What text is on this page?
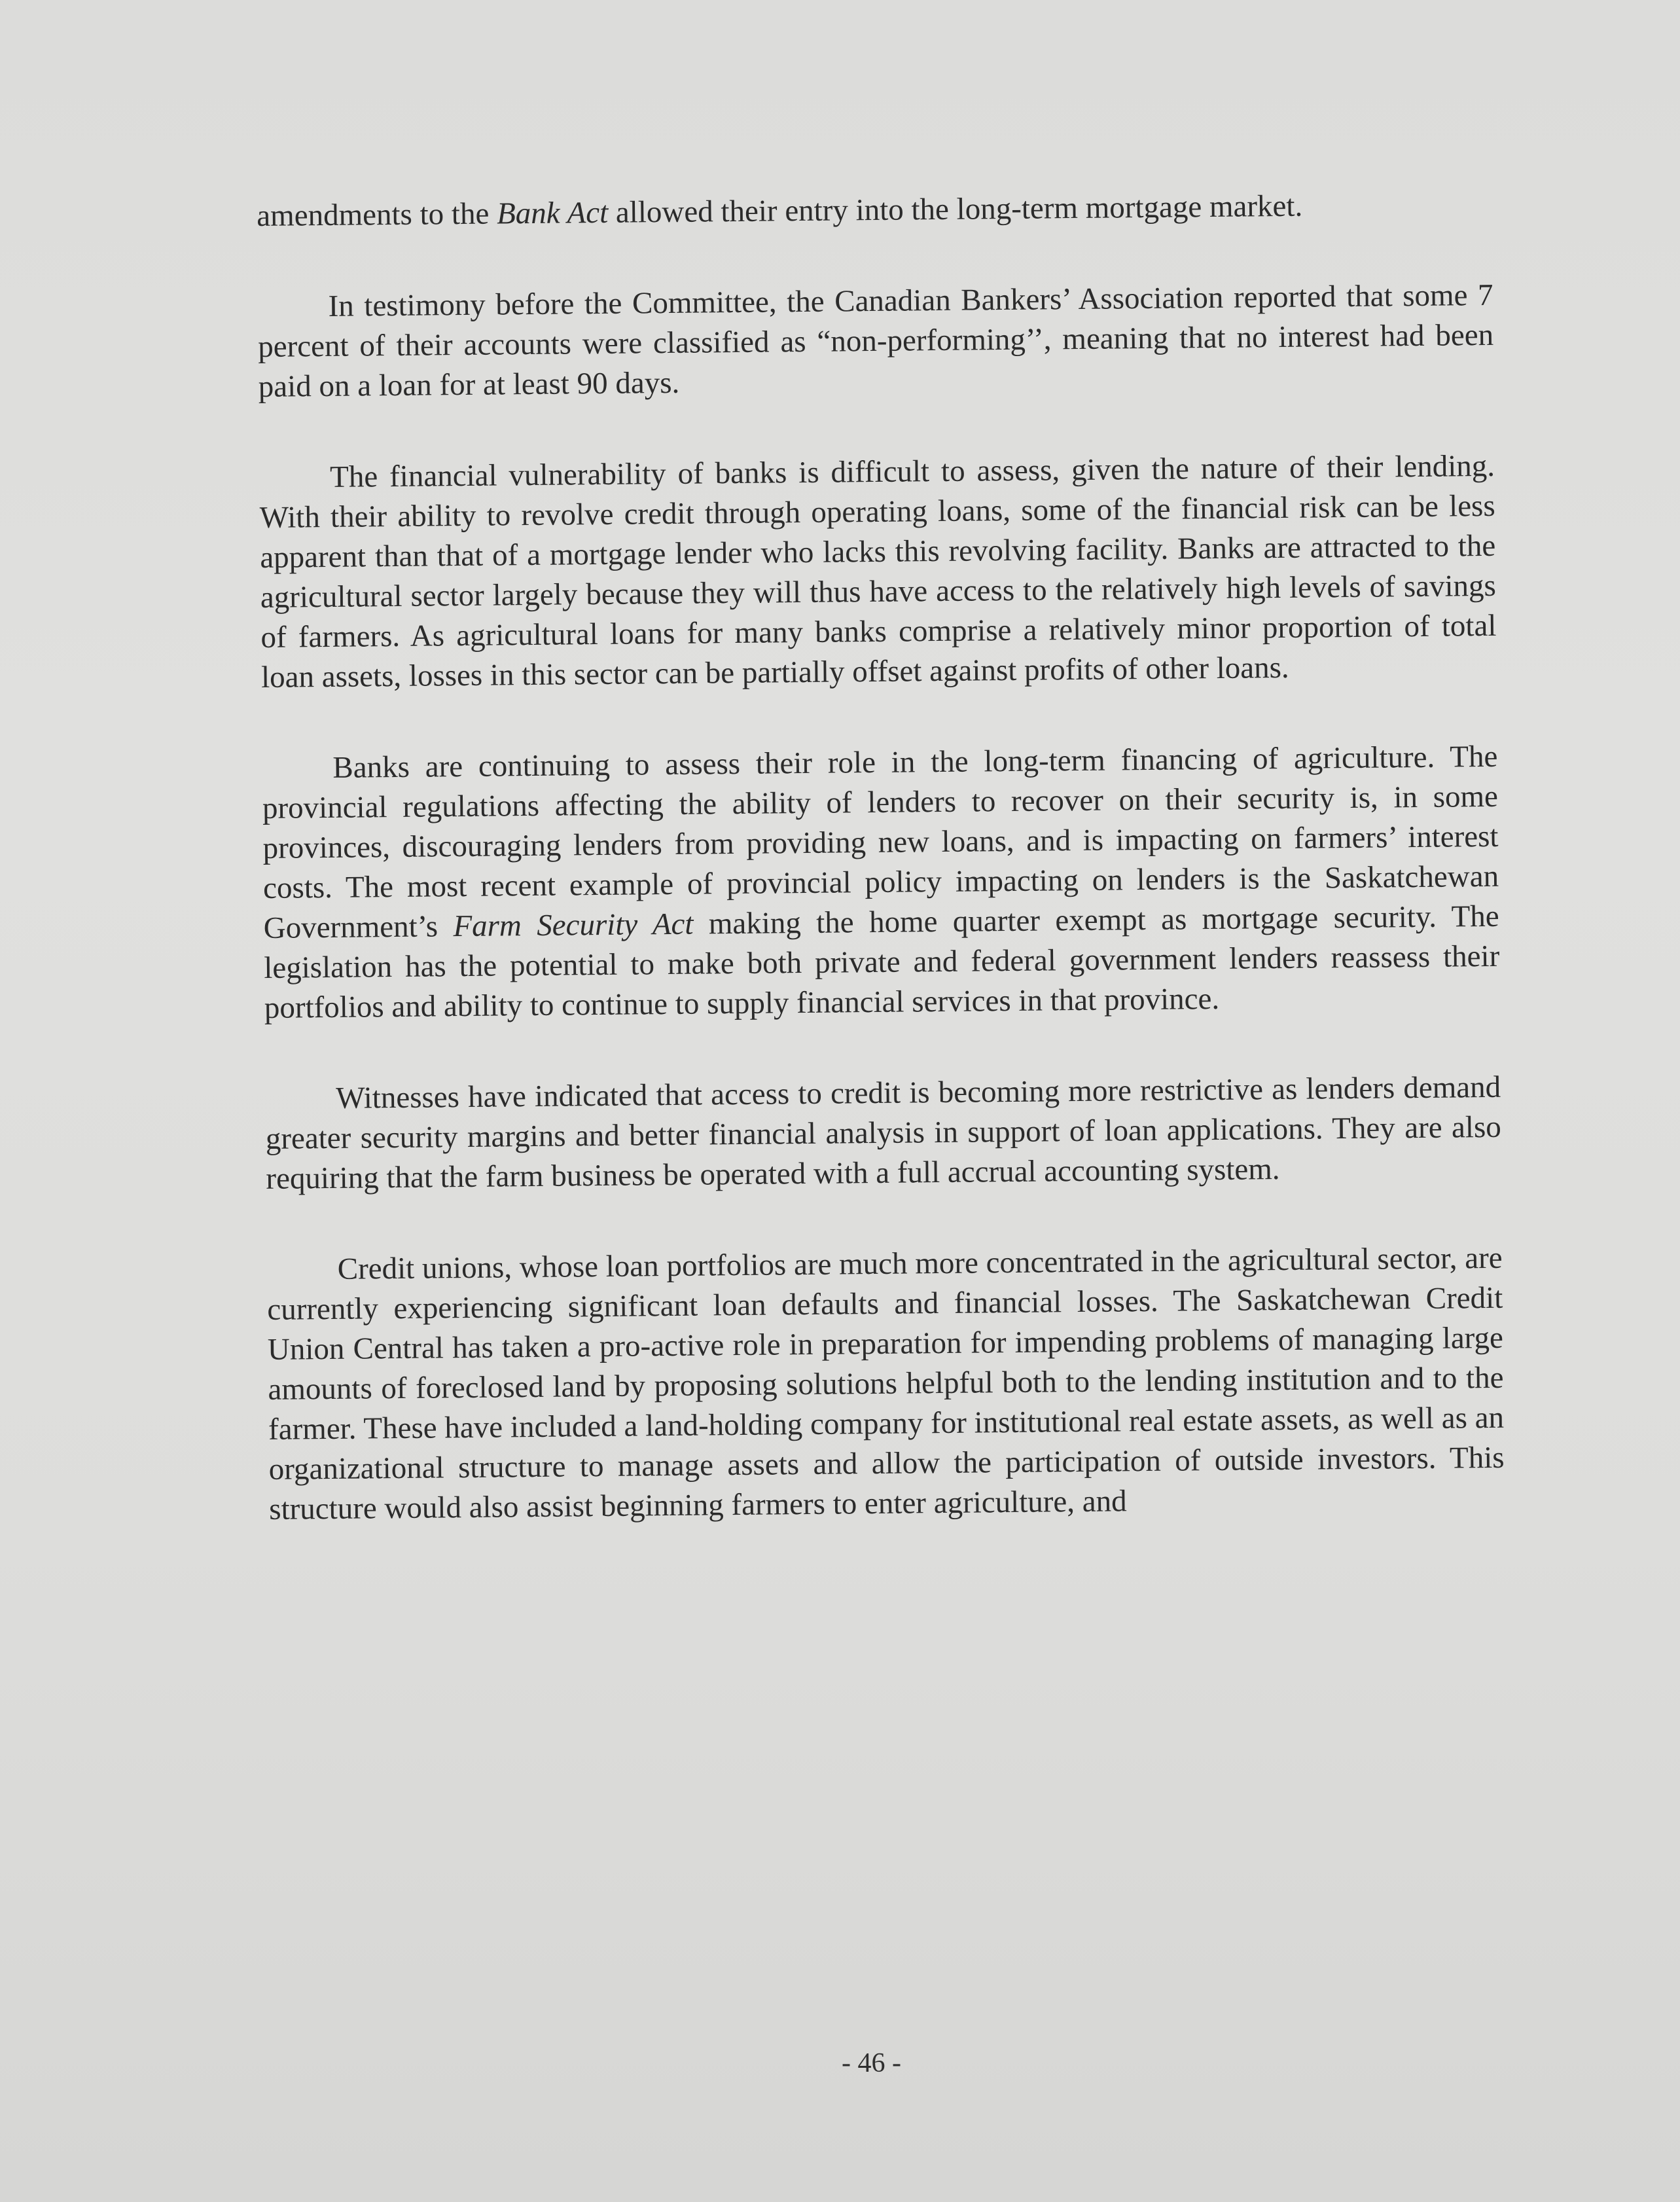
amendments to the Bank Act allowed their entry into the long-term mortgage market.

In testimony before the Committee, the Canadian Bankers’ Association reported that some 7 percent of their accounts were classified as “non-performing’’, meaning that no interest had been paid on a loan for at least 90 days.

The financial vulnerability of banks is difficult to assess, given the nature of their lending. With their ability to revolve credit through operating loans, some of the financial risk can be less apparent than that of a mortgage lender who lacks this revolving facility. Banks are attracted to the agricultural sector largely because they will thus have access to the relatively high levels of savings of farmers. As agricultural loans for many banks comprise a relatively minor proportion of total loan assets, losses in this sector can be partially offset against profits of other loans.

Banks are continuing to assess their role in the long-term financing of agriculture. The provincial regulations affecting the ability of lenders to recover on their security is, in some provinces, discouraging lenders from providing new loans, and is impacting on farmers’ interest costs. The most recent example of provincial policy impacting on lenders is the Saskatchewan Government’s Farm Security Act making the home quarter exempt as mortgage security. The legislation has the potential to make both private and federal government lenders reassess their portfolios and ability to continue to supply financial services in that province.

Witnesses have indicated that access to credit is becoming more restrictive as lenders demand greater security margins and better financial analysis in support of loan applications. They are also requiring that the farm business be operated with a full accrual accounting system.

Credit unions, whose loan portfolios are much more concentrated in the agricultural sector, are currently experiencing significant loan defaults and financial losses. The Saskatchewan Credit Union Central has taken a pro-active role in preparation for impending problems of managing large amounts of foreclosed land by proposing solutions helpful both to the lending institution and to the farmer. These have included a land-holding company for institutional real estate assets, as well as an organizational structure to manage assets and allow the participation of outside investors. This structure would also assist beginning farmers to enter agriculture, and

- 46 -
